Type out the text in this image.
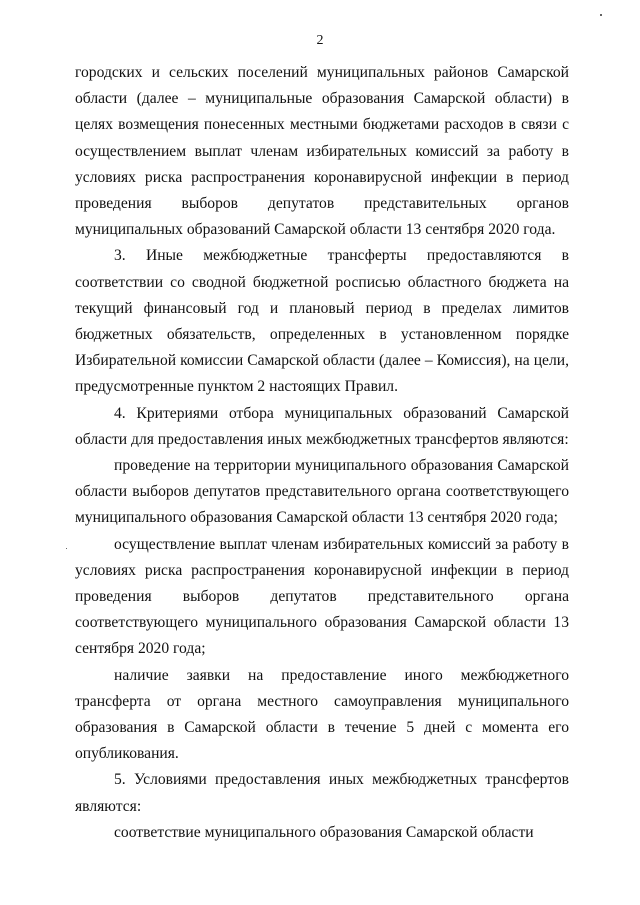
2

городских и сельских поселений муниципальных районов Самарской области (далее – муниципальные образования Самарской области) в целях возмещения понесенных местными бюджетами расходов в связи с осуществлением выплат членам избирательных комиссий за работу в условиях риска распространения коронавирусной инфекции в период проведения выборов депутатов представительных органов муниципальных образований Самарской области 13 сентября 2020 года.

3. Иные межбюджетные трансферты предоставляются в соответствии со сводной бюджетной росписью областного бюджета на текущий финансовый год и плановый период в пределах лимитов бюджетных обязательств, определенных в установленном порядке Избирательной комиссии Самарской области (далее – Комиссия), на цели, предусмотренные пунктом 2 настоящих Правил.

4. Критериями отбора муниципальных образований Самарской области для предоставления иных межбюджетных трансфертов являются:

проведение на территории муниципального образования Самарской области выборов депутатов представительного органа соответствующего муниципального образования Самарской области 13 сентября 2020 года;

осуществление выплат членам избирательных комиссий за работу в условиях риска распространения коронавирусной инфекции в период проведения выборов депутатов представительного органа соответствующего муниципального образования Самарской области 13 сентября 2020 года;

наличие заявки на предоставление иного межбюджетного трансферта от органа местного самоуправления муниципального образования в Самарской области в течение 5 дней с момента его опубликования.

5. Условиями предоставления иных межбюджетных трансфертов являются:

соответствие муниципального образования Самарской области
